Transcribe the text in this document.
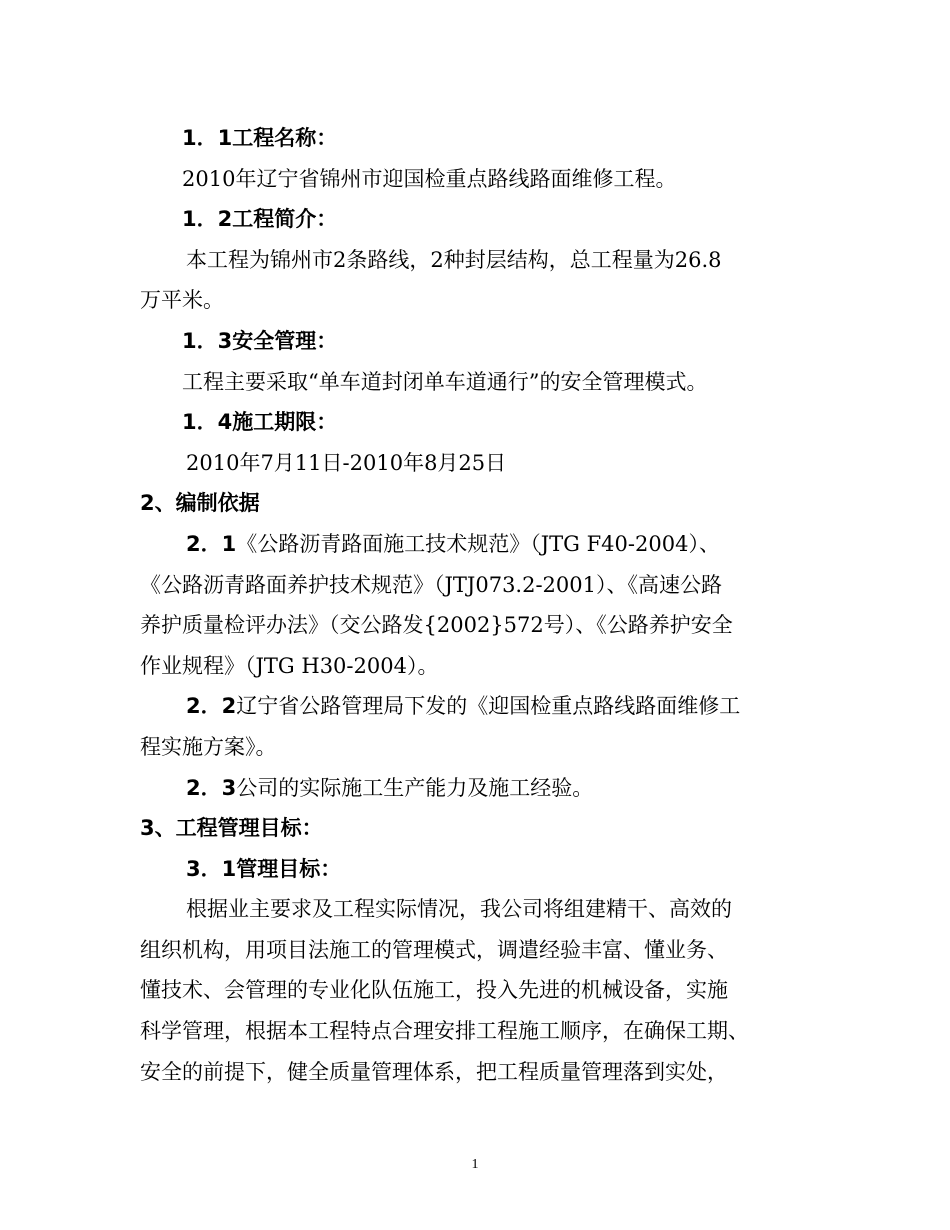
1．1工程名称：
2010年辽宁省锦州市迎国检重点路线路面维修工程。
1．2工程简介：
本工程为锦州市2条路线，2种封层结构，总工程量为26.8
万平米。
1．3安全管理：
工程主要采取“单车道封闭单车道通行”的安全管理模式。
1．4施工期限：
2010年7月11日-2010年8月25日
2、编制依据
2．1《公路沥青路面施工技术规范》（JTG F40-2004）、
《公路沥青路面养护技术规范》（JTJ073.2-2001）、《高速公路
养护质量检评办法》（交公路发{2002}572号）、《公路养护安全
作业规程》（JTG H30-2004）。
2．2辽宁省公路管理局下发的《迎国检重点路线路面维修工
程实施方案》。
2．3公司的实际施工生产能力及施工经验。
3、工程管理目标：
3．1管理目标：
根据业主要求及工程实际情况，我公司将组建精干、高效的
组织机构，用项目法施工的管理模式，调遣经验丰富、懂业务、
懂技术、会管理的专业化队伍施工，投入先进的机械设备，实施
科学管理，根据本工程特点合理安排工程施工顺序，在确保工期、
安全的前提下，健全质量管理体系，把工程质量管理落到实处，
1
